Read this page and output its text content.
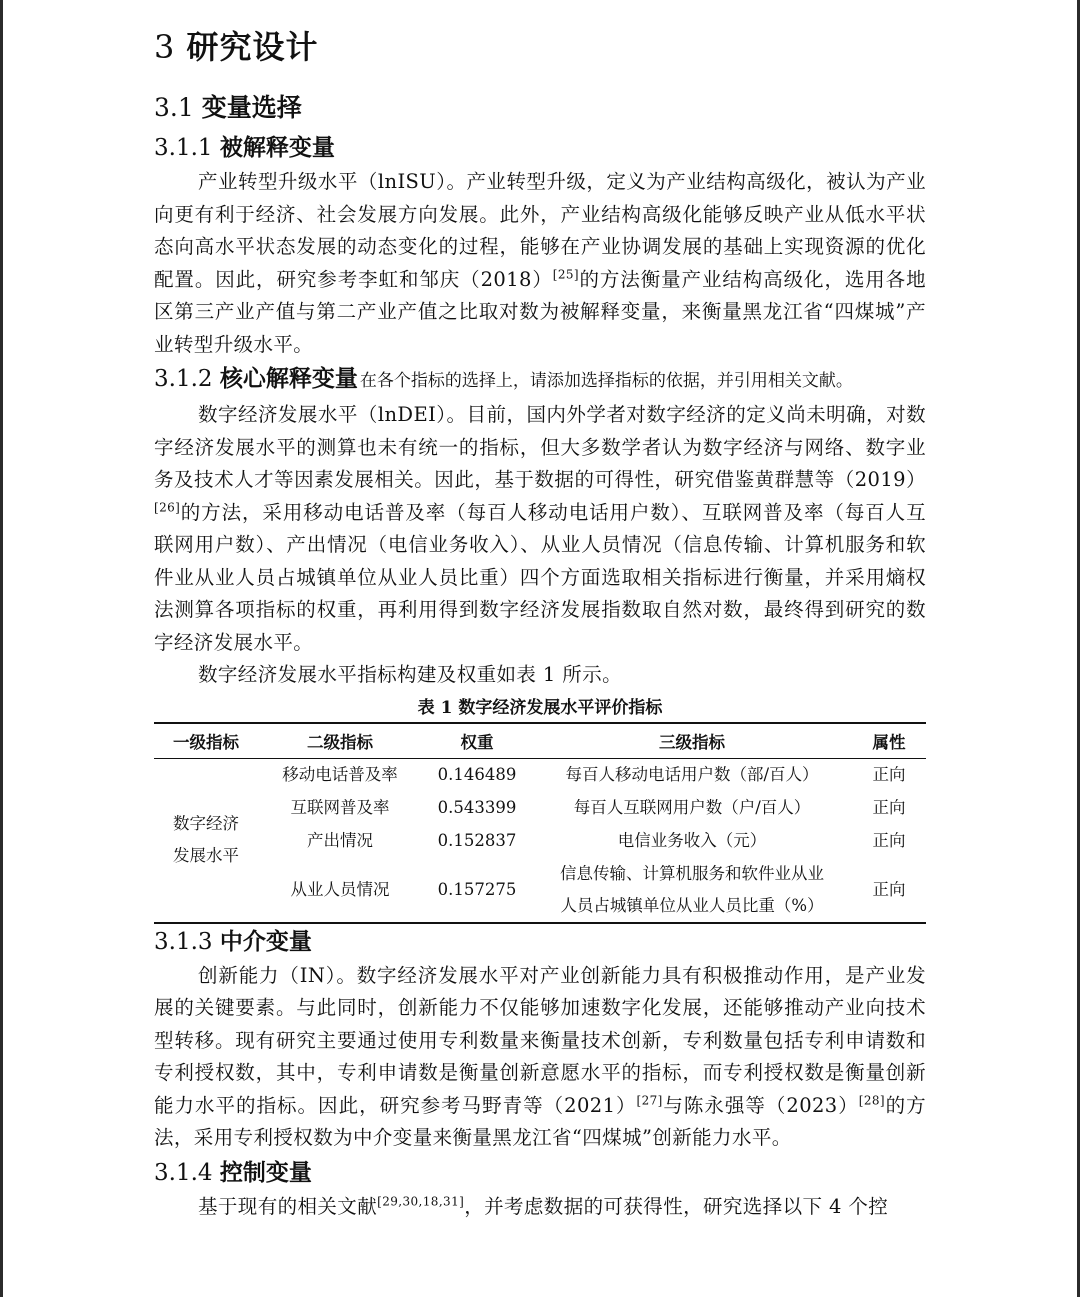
3 研究设计
3.1 变量选择
3.1.1 被解释变量

产业转型升级水平（lnISU）。产业转型升级，定义为产业结构高级化，被认为产业向更有利于经济、社会发展方向发展。此外，产业结构高级化能够反映产业从低水平状态向高水平状态发展的动态变化的过程，能够在产业协调发展的基础上实现资源的优化配置。因此，研究参考李虹和邹庆（2018）[25]的方法衡量产业结构高级化，选用各地区第三产业产值与第二产业产值之比取对数为被解释变量，来衡量黑龙江省“四煤城”产业转型升级水平。

3.1.2 核心解释变量 在各个指标的选择上，请添加选择指标的依据，并引用相关文献。

数字经济发展水平（lnDEI）。目前，国内外学者对数字经济的定义尚未明确，对数字经济发展水平的测算也未有统一的指标，但大多数学者认为数字经济与网络、数字业务及技术人才等因素发展相关。因此，基于数据的可得性，研究借鉴黄群慧等（2019）[26]的方法，采用移动电话普及率（每百人移动电话用户数）、互联网普及率（每百人互联网用户数）、产出情况（电信业务收入）、从业人员情况（信息传输、计算机服务和软件业从业人员占城镇单位从业人员比重）四个方面选取相关指标进行衡量，并采用熵权法测算各项指标的权重，再利用得到数字经济发展指数取自然对数，最终得到研究的数字经济发展水平。

数字经济发展水平指标构建及权重如表 1 所示。

表 1 数字经济发展水平评价指标
一级指标	二级指标	权重	三级指标	属性
数字经济
发展水平	移动电话普及率	0.146489	每百人移动电话用户数（部/百人）	正向
	互联网普及率	0.543399	每百人互联网用户数（户/百人）	正向
	产出情况	0.152837	电信业务收入（元）	正向
	从业人员情况	0.157275	信息传输、计算机服务和软件业从业
人员占城镇单位从业人员比重（%）	正向
3.1.3 中介变量

创新能力（IN）。数字经济发展水平对产业创新能力具有积极推动作用，是产业发展的关键要素。与此同时，创新能力不仅能够加速数字化发展，还能够推动产业向技术型转移。现有研究主要通过使用专利数量来衡量技术创新，专利数量包括专利申请数和专利授权数，其中，专利申请数是衡量创新意愿水平的指标，而专利授权数是衡量创新能力水平的指标。因此，研究参考马野青等（2021）[27]与陈永强等（2023）[28]的方法，采用专利授权数为中介变量来衡量黑龙江省“四煤城”创新能力水平。

3.1.4 控制变量

基于现有的相关文献[29,30,18,31]，并考虑数据的可获得性，研究选择以下 4 个控
